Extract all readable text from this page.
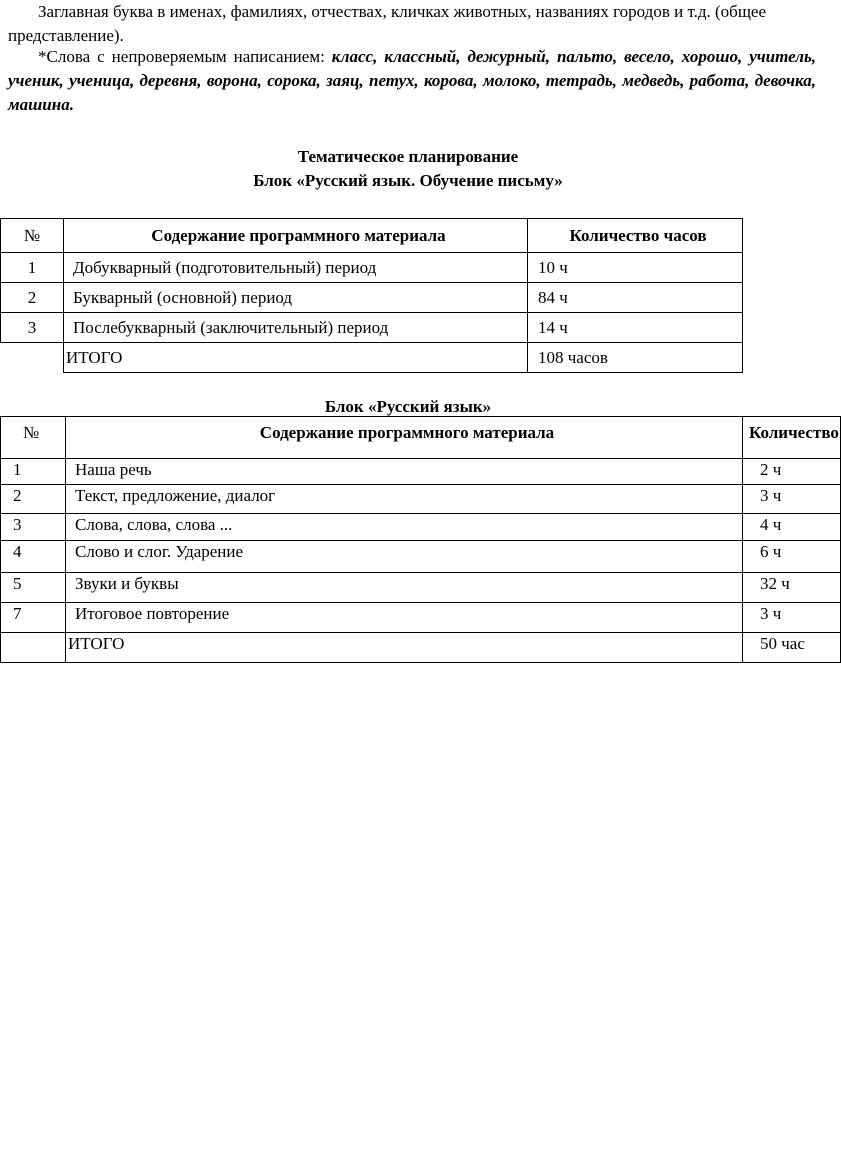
Заглавная буква в именах, фамилиях, отчествах, кличках животных, названиях городов и т.д. (общее представление).

*Слова с непроверяемым написанием: класс, классный, дежурный, пальто, весело, хорошо, учитель, ученик, ученица, деревня, ворона, сорока, заяц, петух, корова, молоко, тетрадь, медведь, работа, девочка, машина.

Тематическое планирование

Блок «Русский язык. Обучение письму»

№	Содержание программного материала	Количество часов
1	Добукварный (подготовительный) период	10 ч
2	Букварный (основной) период	84 ч
3	Послебукварный (заключительный) период	14 ч
	ИТОГО	108 часов

Блок «Русский язык»

№	Содержание программного материала	Количество
1	Наша речь	2 ч
2	Текст, предложение, диалог	3 ч
3	Слова, слова, слова ...	4 ч
4	Слово и слог. Ударение	6 ч
5	Звуки и буквы	32 ч
7	Итоговое повторение	3 ч
	ИТОГО	50 час
